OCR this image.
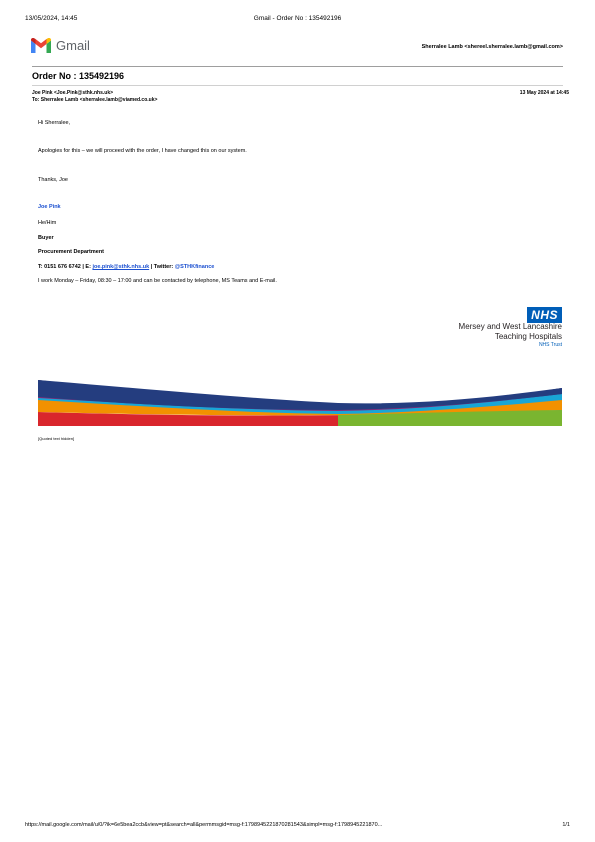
13/05/2024, 14:45	Gmail - Order No : 135492196
Gmail	Sherralee Lamb <shereel.sherralee.lamb@gmail.com>
Order No : 135492196
Joe Pink <Joe.Pink@sthk.nhs.uk>
To: Sherralee Lamb <sherralee.lamb@viamed.co.uk>
13 May 2024 at 14:45
Hi Sherralee,
Apologies for this – we will proceed with the order, I have changed this on our system.
Thanks, Joe
Joe Pink
He/Him
Buyer
Procurement Department
T: 0151 676 6742 | E: joe.pink@sthk.nhs.uk | Twitter: @STHKfinance
I work Monday – Friday, 08:30 – 17:00 and can be contacted by telephone, MS Teams and E-mail.
NHS
Mersey and West Lancashire
Teaching Hospitals
NHS Trust
[Quoted text hidden]
https://mail.google.com/mail/u/0/?ik=6e5bea2ccb&view=pt&search=all&permmsgid=msg-f:1798945221870281543&simpl=msg-f:1798945221870...	1/1
